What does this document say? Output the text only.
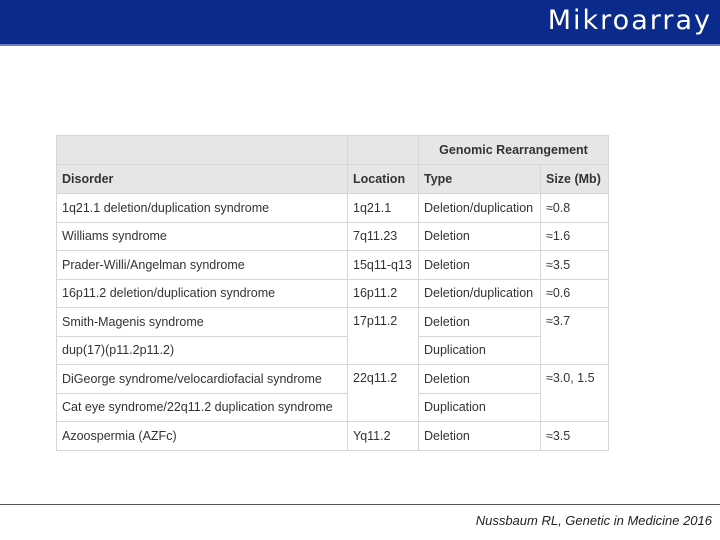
Mikroarray
		Genomic Rearrangement	
Disorder	Location	Type	Size (Mb)
1q21.1 deletion/duplication syndrome	1q21.1	Deletion/duplication	≈0.8
Williams syndrome	7q11.23	Deletion	≈1.6
Prader-Willi/Angelman syndrome	15q11-q13	Deletion	≈3.5
16p11.2 deletion/duplication syndrome	16p11.2	Deletion/duplication	≈0.6
Smith-Magenis syndrome	17p11.2	Deletion	≈3.7
dup(17)(p11.2p11.2)		Duplication	
DiGeorge syndrome/velocardiofacial syndrome	22q11.2	Deletion	≈3.0, 1.5
Cat eye syndrome/22q11.2 duplication syndrome		Duplication	
Azoospermia (AZFc)	Yq11.2	Deletion	≈3.5
Nussbaum RL, Genetic in Medicine 2016
